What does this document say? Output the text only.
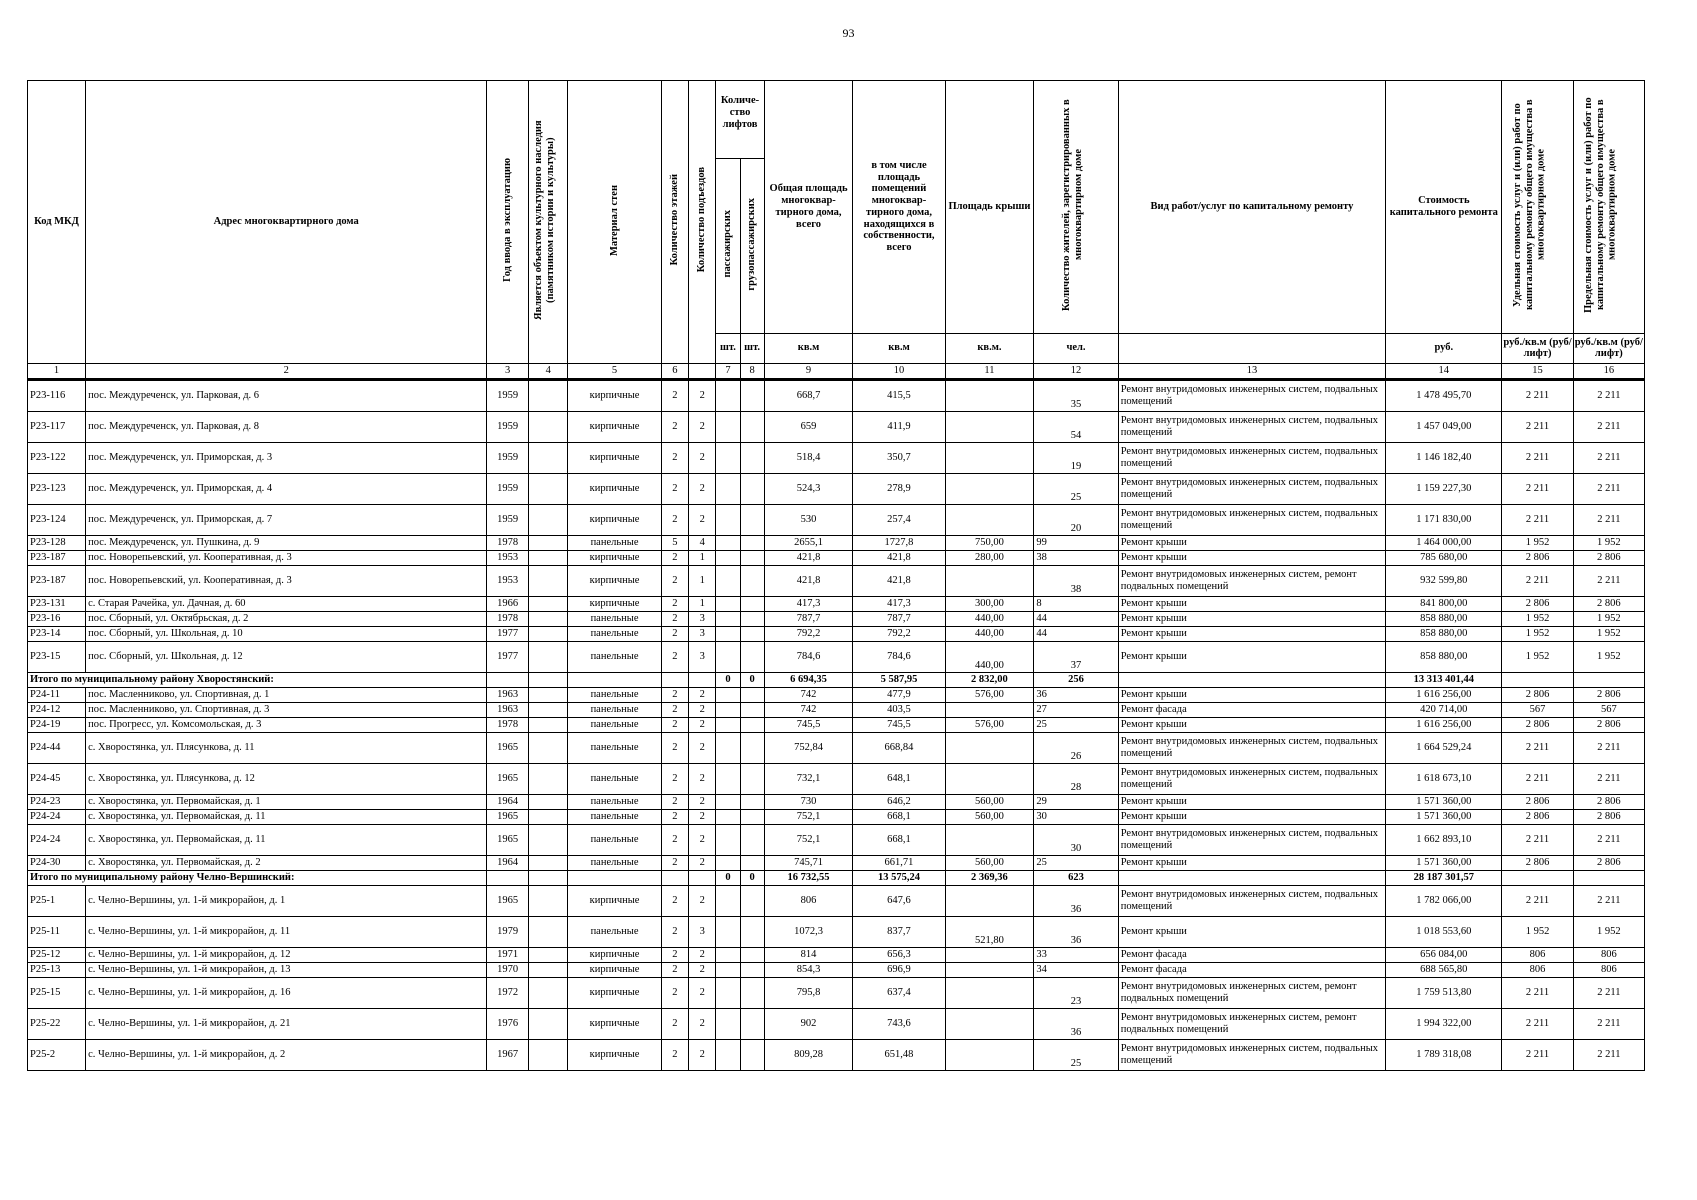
93
Код МКД	Адрес многоквартирного дома	Год ввода в эксплуатацию	Является объектом культурного наследия (памятником истории и культуры)	Материал стен	Количество этажей	Количество подъездов	Количе-ство лифтов		Общая площадь многоквар-тирного дома, всего	в том числе площадь помещений многоквар-тирного дома, находящихся в собственности, всего	Площадь крыши	Количество жителей, зарегистрированных в многоквартирном доме	Вид работ/услуг по капитальному ремонту	Стоимость капитального ремонта	Удельная стоимость услуг и (или) работ по капитальному ремонту общего имущества в многоквартирном доме	Предельная стоимость услуг и (или) работ по капитальному ремонту общего имущества в многоквартирном доме
							пассажирских	грузопассажирских								
							шт.	шт.	кв.м	кв.м	кв.м.	чел.		руб.	руб./кв.м (руб/лифт)	руб./кв.м (руб/лифт)
1	2	3	4	5	6		7	8	9	10	11	12	13	14	15	16
Р23-116	пос. Междуреченск, ул. Парковая, д. 6	1959		кирпичные	2	2			668,7	415,5		35	Ремонт внутридомовых инженерных систем, подвальных помещений	1 478 495,70	2 211	2 211
Р23-117	пос. Междуреченск, ул. Парковая, д. 8	1959		кирпичные	2	2			659	411,9		54	Ремонт внутридомовых инженерных систем, подвальных помещений	1 457 049,00	2 211	2 211
Р23-122	пос. Междуреченск, ул. Приморская, д. 3	1959		кирпичные	2	2			518,4	350,7		19	Ремонт внутридомовых инженерных систем, подвальных помещений	1 146 182,40	2 211	2 211
Р23-123	пос. Междуреченск, ул. Приморская, д. 4	1959		кирпичные	2	2			524,3	278,9		25	Ремонт внутридомовых инженерных систем, подвальных помещений	1 159 227,30	2 211	2 211
Р23-124	пос. Междуреченск, ул. Приморская, д. 7	1959		кирпичные	2	2			530	257,4		20	Ремонт внутридомовых инженерных систем, подвальных помещений	1 171 830,00	2 211	2 211
Р23-128	пос. Междуреченск, ул. Пушкина, д. 9	1978		панельные	5	4			2655,1	1727,8	750,00	99	Ремонт крыши	1 464 000,00	1 952	1 952
Р23-187	пос. Новорепьевский, ул. Кооперативная, д. 3	1953		кирпичные	2	1			421,8	421,8	280,00	38	Ремонт крыши	785 680,00	2 806	2 806
Р23-187	пос. Новорепьевский, ул. Кооперативная, д. 3	1953		кирпичные	2	1			421,8	421,8		38	Ремонт внутридомовых инженерных систем, ремонт подвальных помещений	932 599,80	2 211	2 211
Р23-131	с. Старая Рачейка, ул. Дачная, д. 60	1966		кирпичные	2	1			417,3	417,3	300,00	8	Ремонт крыши	841 800,00	2 806	2 806
Р23-16	пос. Сборный, ул. Октябрьская, д. 2	1978		панельные	2	3			787,7	787,7	440,00	44	Ремонт крыши	858 880,00	1 952	1 952
Р23-14	пос. Сборный, ул. Школьная, д. 10	1977		панельные	2	3			792,2	792,2	440,00	44	Ремонт крыши	858 880,00	1 952	1 952
Р23-15	пос. Сборный, ул. Школьная, д. 12	1977		панельные	2	3			784,6	784,6	440,00	37	Ремонт крыши	858 880,00	1 952	1 952
Итого по муниципальному району Хворостянский:							0	0	6 694,35	5 587,95	2 832,00	256		13 313 401,44		
Р24-11	пос. Масленниково, ул. Спортивная, д. 1	1963		панельные	2	2			742	477,9	576,00	36	Ремонт крыши	1 616 256,00	2 806	2 806
Р24-12	пос. Масленниково, ул. Спортивная, д. 3	1963		панельные	2	2			742	403,5		27	Ремонт фасада	420 714,00	567	567
Р24-19	пос. Прогресс, ул. Комсомольская, д. 3	1978		панельные	2	2			745,5	745,5	576,00	25	Ремонт крыши	1 616 256,00	2 806	2 806
Р24-44	с. Хворостянка, ул. Плясункова, д. 11	1965		панельные	2	2			752,84	668,84		26	Ремонт внутридомовых инженерных систем, подвальных помещений	1 664 529,24	2 211	2 211
Р24-45	с. Хворостянка, ул. Плясункова, д. 12	1965		панельные	2	2			732,1	648,1		28	Ремонт внутридомовых инженерных систем, подвальных помещений	1 618 673,10	2 211	2 211
Р24-23	с. Хворостянка, ул. Первомайская, д. 1	1964		панельные	2	2			730	646,2	560,00	29	Ремонт крыши	1 571 360,00	2 806	2 806
Р24-24	с. Хворостянка, ул. Первомайская, д. 11	1965		панельные	2	2			752,1	668,1	560,00	30	Ремонт крыши	1 571 360,00	2 806	2 806
Р24-24	с. Хворостянка, ул. Первомайская, д. 11	1965		панельные	2	2			752,1	668,1		30	Ремонт внутридомовых инженерных систем, подвальных помещений	1 662 893,10	2 211	2 211
Р24-30	с. Хворостянка, ул. Первомайская, д. 2	1964		панельные	2	2			745,71	661,71	560,00	25	Ремонт крыши	1 571 360,00	2 806	2 806
Итого по муниципальному району Челно-Вершинский:							0	0	16 732,55	13 575,24	2 369,36	623		28 187 301,57		
Р25-1	с. Челно-Вершины, ул. 1-й микрорайон, д. 1	1965		кирпичные	2	2			806	647,6		36	Ремонт внутридомовых инженерных систем, подвальных помещений	1 782 066,00	2 211	2 211
Р25-11	с. Челно-Вершины, ул. 1-й микрорайон, д. 11	1979		панельные	2	3			1072,3	837,7	521,80	36	Ремонт крыши	1 018 553,60	1 952	1 952
Р25-12	с. Челно-Вершины, ул. 1-й микрорайон, д. 12	1971		кирпичные	2	2			814	656,3		33	Ремонт фасада	656 084,00	806	806
Р25-13	с. Челно-Вершины, ул. 1-й микрорайон, д. 13	1970		кирпичные	2	2			854,3	696,9		34	Ремонт фасада	688 565,80	806	806
Р25-15	с. Челно-Вершины, ул. 1-й микрорайон, д. 16	1972		кирпичные	2	2			795,8	637,4		23	Ремонт внутридомовых инженерных систем, ремонт подвальных помещений	1 759 513,80	2 211	2 211
Р25-22	с. Челно-Вершины, ул. 1-й микрорайон, д. 21	1976		кирпичные	2	2			902	743,6		36	Ремонт внутридомовых инженерных систем, ремонт подвальных помещений	1 994 322,00	2 211	2 211
Р25-2	с. Челно-Вершины, ул. 1-й микрорайон, д. 2	1967		кирпичные	2	2			809,28	651,48		25	Ремонт внутридомовых инженерных систем, подвальных помещений	1 789 318,08	2 211	2 211
